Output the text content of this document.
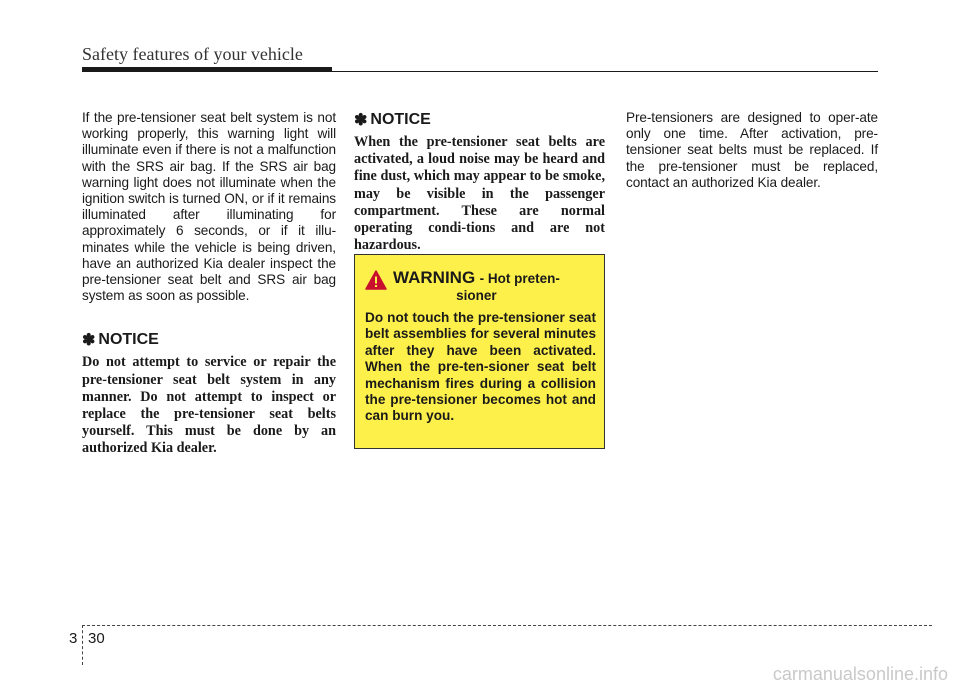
Safety features of your vehicle

If the pre-tensioner seat belt system is not working properly, this warning light will illuminate even if there is not a malfunction with the SRS air bag. If the SRS air bag warning light does not illuminate when the ignition switch is turned ON, or if it remains illuminated after illuminating for approximately 6 seconds, or if it illu-minates while the vehicle is being driven, have an authorized Kia dealer inspect the pre-tensioner seat belt and SRS air bag system as soon as possible.

✽ NOTICE

Do not attempt to service or repair the pre-tensioner seat belt system in any manner. Do not attempt to inspect or replace the pre-tensioner seat belts yourself. This must be done by an authorized Kia dealer.

✽ NOTICE

When the pre-tensioner seat belts are activated, a loud noise may be heard and fine dust, which may appear to be smoke, may be visible in the passenger compartment. These are normal operating condi-tions and are not hazardous.

WARNING - Hot preten-
sioner

Do not touch the pre-tensioner seat belt assemblies for several minutes after they have been activated. When the pre-ten-sioner seat belt mechanism fires during a collision the pre-tensioner becomes hot and can burn you.

Pre-tensioners are designed to oper-ate only one time. After activation, pre-tensioner seat belts must be replaced. If the pre-tensioner must be replaced, contact an authorized Kia dealer.

3 30
carmanualsonline.info
